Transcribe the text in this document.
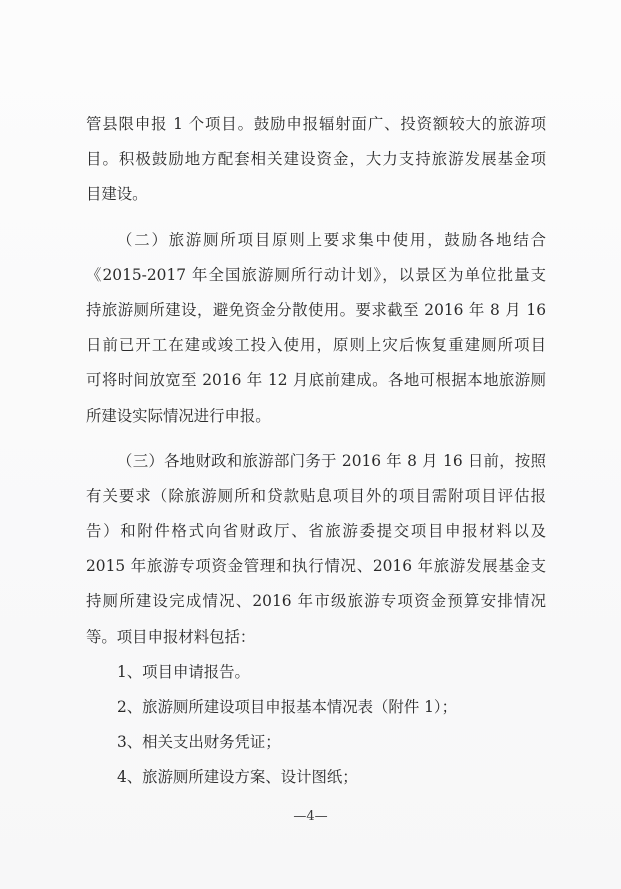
管县限申报 1 个项目。鼓励申报辐射面广、投资额较大的旅游项
目。积极鼓励地方配套相关建设资金，大力支持旅游发展基金项
目建设。
（二）旅游厕所项目原则上要求集中使用，鼓励各地结合
《2015-2017 年全国旅游厕所行动计划》，以景区为单位批量支
持旅游厕所建设，避免资金分散使用。要求截至 2016 年 8 月 16
日前已开工在建或竣工投入使用，原则上灾后恢复重建厕所项目
可将时间放宽至 2016 年 12 月底前建成。各地可根据本地旅游厕
所建设实际情况进行申报。
（三）各地财政和旅游部门务于 2016 年 8 月 16 日前，按照
有关要求（除旅游厕所和贷款贴息项目外的项目需附项目评估报
告）和附件格式向省财政厅、省旅游委提交项目申报材料以及
2015 年旅游专项资金管理和执行情况、2016 年旅游发展基金支
持厕所建设完成情况、2016 年市级旅游专项资金预算安排情况
等。项目申报材料包括：
1、项目申请报告。
2、旅游厕所建设项目申报基本情况表（附件 1）；
3、相关支出财务凭证；
4、旅游厕所建设方案、设计图纸；
—4—
